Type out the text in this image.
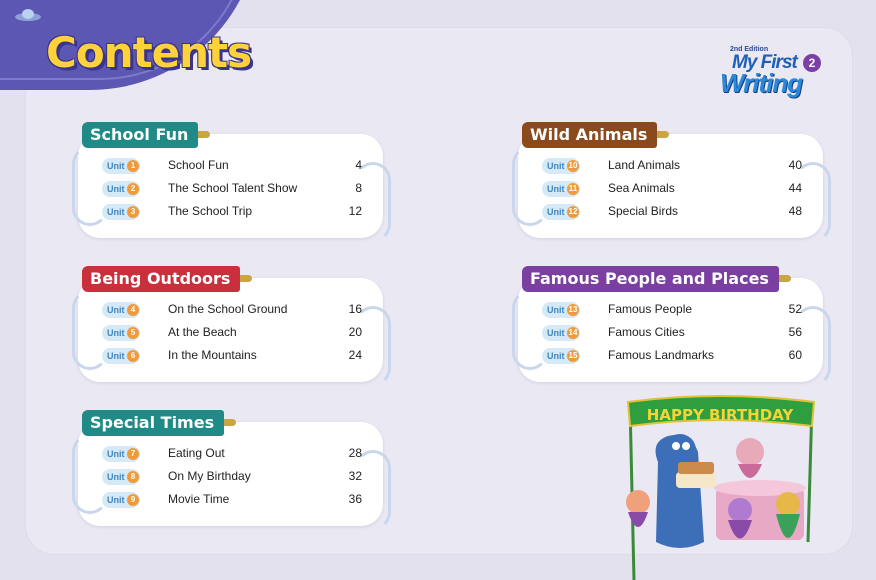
Contents	2nd Edition
My First
Writing
2
School Fun
Unit 1	School Fun	4
Unit 2	The School Talent Show	8
Unit 3	The School Trip	12
Being Outdoors
Unit 4	On the School Ground	16
Unit 5	At the Beach	20
Unit 6	In the Mountains	24
Special Times
Unit 7	Eating Out	28
Unit 8	On My Birthday	32
Unit 9	Movie Time	36
Wild Animals
Unit 10	Land Animals	40
Unit 11	Sea Animals	44
Unit 12	Special Birds	48
Famous People and Places
Unit 13	Famous People	52
Unit 14	Famous Cities	56
Unit 15	Famous Landmarks	60
HAPPY BIRTHDAY
